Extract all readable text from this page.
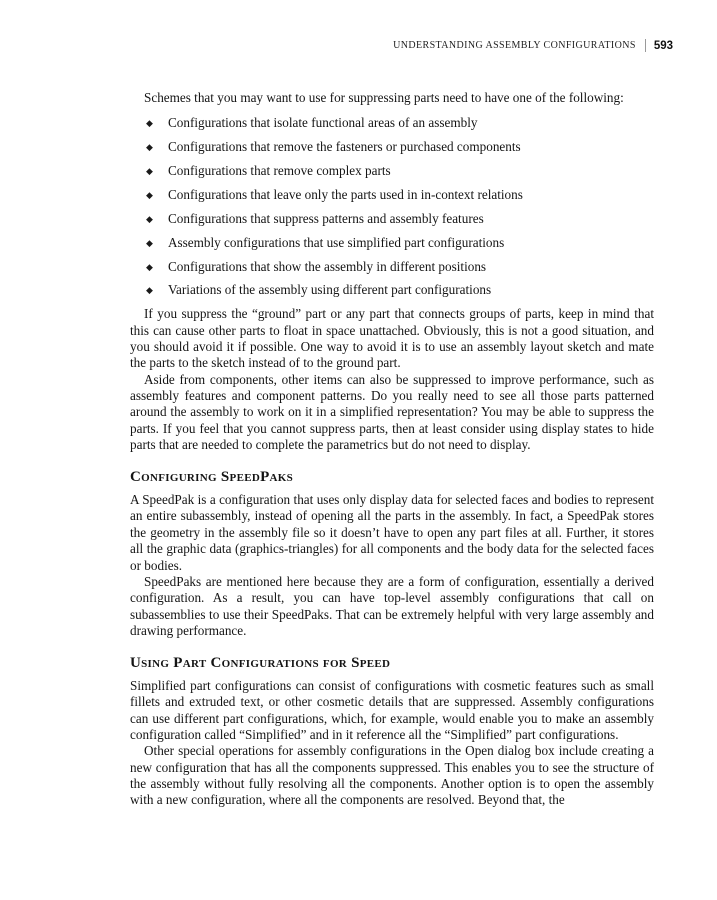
UNDERSTANDING ASSEMBLY CONFIGURATIONS 593

Schemes that you may want to use for suppressing parts need to have one of the following:

◆	Configurations that isolate functional areas of an assembly
◆	Configurations that remove the fasteners or purchased components
◆	Configurations that remove complex parts
◆	Configurations that leave only the parts used in in-context relations
◆	Configurations that suppress patterns and assembly features
◆	Assembly configurations that use simplified part configurations
◆	Configurations that show the assembly in different positions
◆	Variations of the assembly using different part configurations

If you suppress the “ground” part or any part that connects groups of parts, keep in mind that this can cause other parts to float in space unattached. Obviously, this is not a good situation, and you should avoid it if possible. One way to avoid it is to use an assembly layout sketch and mate the parts to the sketch instead of to the ground part.

Aside from components, other items can also be suppressed to improve performance, such as assembly features and component patterns. Do you really need to see all those parts patterned around the assembly to work on it in a simplified representation? You may be able to suppress the parts. If you feel that you cannot suppress parts, then at least consider using display states to hide parts that are needed to complete the parametrics but do not need to display.

Configuring SpeedPaks

A SpeedPak is a configuration that uses only display data for selected faces and bodies to represent an entire subassembly, instead of opening all the parts in the assembly. In fact, a SpeedPak stores the geometry in the assembly file so it doesn’t have to open any part files at all. Further, it stores all the graphic data (graphics-triangles) for all components and the body data for the selected faces or bodies.

SpeedPaks are mentioned here because they are a form of configuration, essentially a derived configuration. As a result, you can have top-level assembly configurations that call on subassemblies to use their SpeedPaks. That can be extremely helpful with very large assembly and drawing performance.

Using Part Configurations for Speed

Simplified part configurations can consist of configurations with cosmetic features such as small fillets and extruded text, or other cosmetic details that are suppressed. Assembly configurations can use different part configurations, which, for example, would enable you to make an assembly configuration called “Simplified” and in it reference all the “Simplified” part configurations.

Other special operations for assembly configurations in the Open dialog box include creating a new configuration that has all the components suppressed. This enables you to see the structure of the assembly without fully resolving all the components. Another option is to open the assembly with a new configuration, where all the components are resolved. Beyond that, the
